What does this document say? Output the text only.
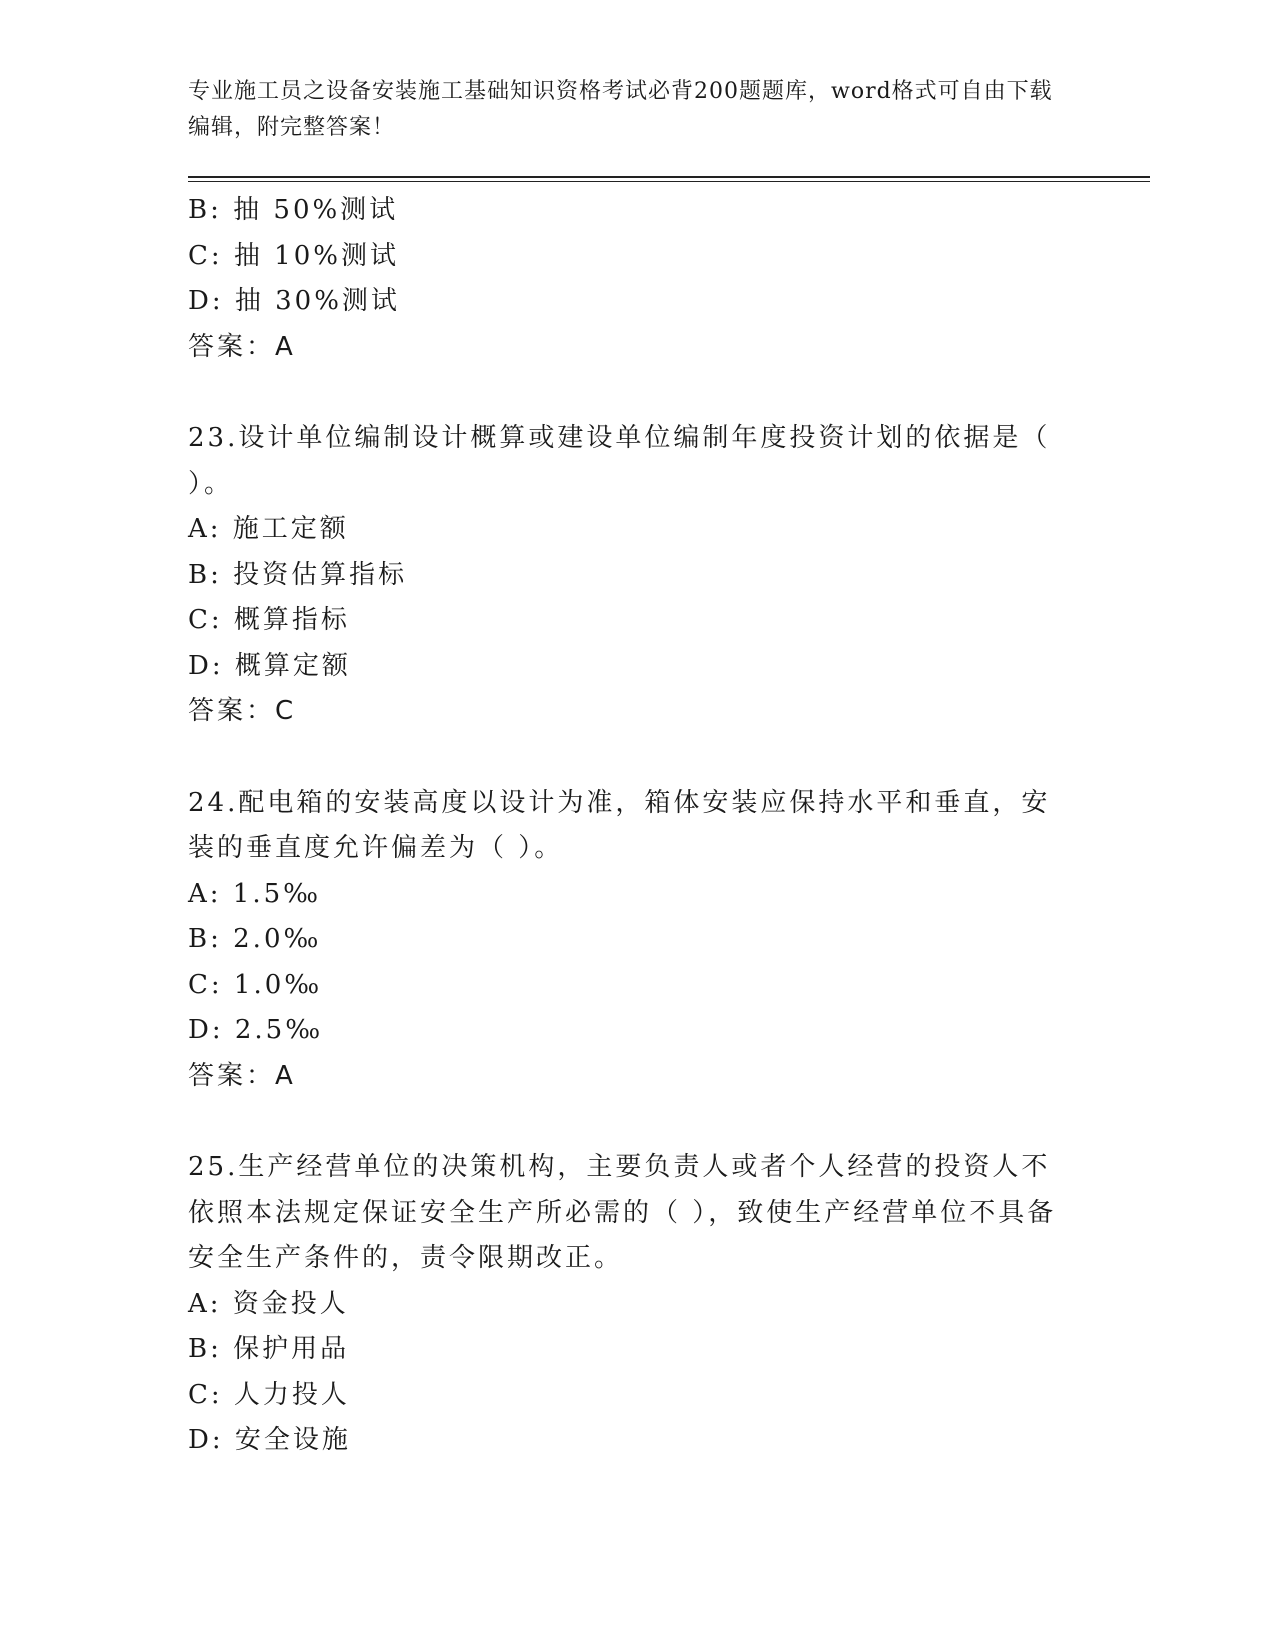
专业施工员之设备安装施工基础知识资格考试必背200题题库，word格式可自由下载编辑，附完整答案！
B: 抽 50%测试
C: 抽 10%测试
D: 抽 30%测试
答案：A
23.设计单位编制设计概算或建设单位编制年度投资计划的依据是（ ）。
A: 施工定额
B: 投资估算指标
C: 概算指标
D: 概算定额
答案：C
24.配电箱的安装高度以设计为准，箱体安装应保持水平和垂直，安装的垂直度允许偏差为（ ）。
A: 1.5‰
B: 2.0‰
C: 1.0‰
D: 2.5‰
答案：A
25.生产经营单位的决策机构，主要负责人或者个人经营的投资人不依照本法规定保证安全生产所必需的（ ），致使生产经营单位不具备安全生产条件的，责令限期改正。
A: 资金投人
B: 保护用品
C: 人力投人
D: 安全设施
